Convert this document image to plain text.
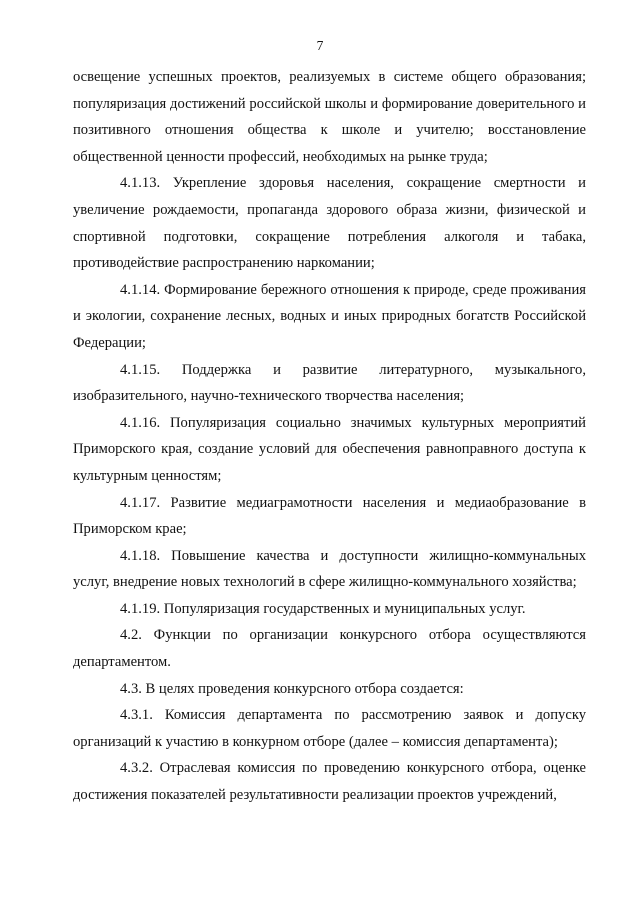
7

освещение успешных проектов, реализуемых в системе общего образования; популяризация достижений российской школы и формирование доверительного и позитивного отношения общества к школе и учителю; восстановление общественной ценности профессий, необходимых на рынке труда;

4.1.13. Укрепление здоровья населения, сокращение смертности и увеличение рождаемости, пропаганда здорового образа жизни, физической и спортивной подготовки, сокращение потребления алкоголя и табака, противодействие распространению наркомании;

4.1.14. Формирование бережного отношения к природе, среде проживания и экологии, сохранение лесных, водных и иных природных богатств Российской Федерации;

4.1.15. Поддержка и развитие литературного, музыкального, изобразительного, научно-технического творчества населения;

4.1.16. Популяризация социально значимых культурных мероприятий Приморского края, создание условий для обеспечения равноправного доступа к культурным ценностям;

4.1.17. Развитие медиаграмотности населения и медиаобразование в Приморском крае;

4.1.18. Повышение качества и доступности жилищно-коммунальных услуг, внедрение новых технологий в сфере жилищно-коммунального хозяйства;

4.1.19. Популяризация государственных и муниципальных услуг.

4.2. Функции по организации конкурсного отбора осуществляются департаментом.

4.3. В целях проведения конкурсного отбора создается:

4.3.1. Комиссия департамента по рассмотрению заявок и допуску организаций к участию в конкурном отборе (далее – комиссия департамента);

4.3.2. Отраслевая комиссия по проведению конкурсного отбора, оценке достижения показателей результативности реализации проектов учреждений,
